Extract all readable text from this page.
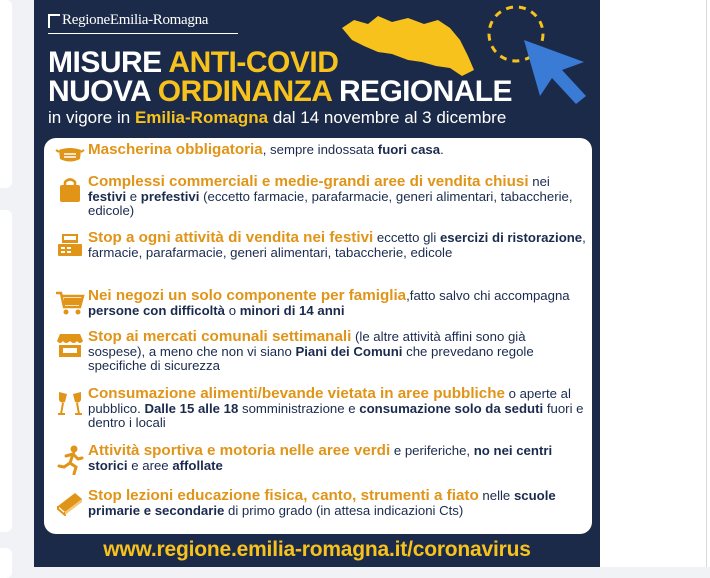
RegioneEmilia-Romagna
MISURE ANTI-COVID
NUOVA ORDINANZA REGIONALE
in vigore in Emilia-Romagna dal 14 novembre al 3 dicembre
Mascherina obbligatoria, sempre indossata fuori casa.
Complessi commerciali e medie-grandi aree di vendita chiusi nei festivi e prefestivi (eccetto farmacie, parafarmacie, generi alimentari, tabaccherie, edicole)
Stop a ogni attività di vendita nei festivi eccetto gli esercizi di ristorazione, farmacie, parafarmacie, generi alimentari, tabaccherie, edicole
Nei negozi un solo componente per famiglia,fatto salvo chi accompagna persone con difficoltà o minori di 14 anni
Stop ai mercati comunali settimanali (le altre attività affini sono già sospese), a meno che non vi siano Piani dei Comuni che prevedano regole specifiche di sicurezza
Consumazione alimenti/bevande vietata in aree pubbliche o aperte al pubblico. Dalle 15 alle 18 somministrazione e consumazione solo da seduti fuori e dentro i locali
Attività sportiva e motoria nelle aree verdi e periferiche, no nei centri storici e aree affollate
Stop lezioni educazione fisica, canto, strumenti a fiato nelle scuole primarie e secondarie di primo grado (in attesa indicazioni Cts)
www.regione.emilia-romagna.it/coronavirus
